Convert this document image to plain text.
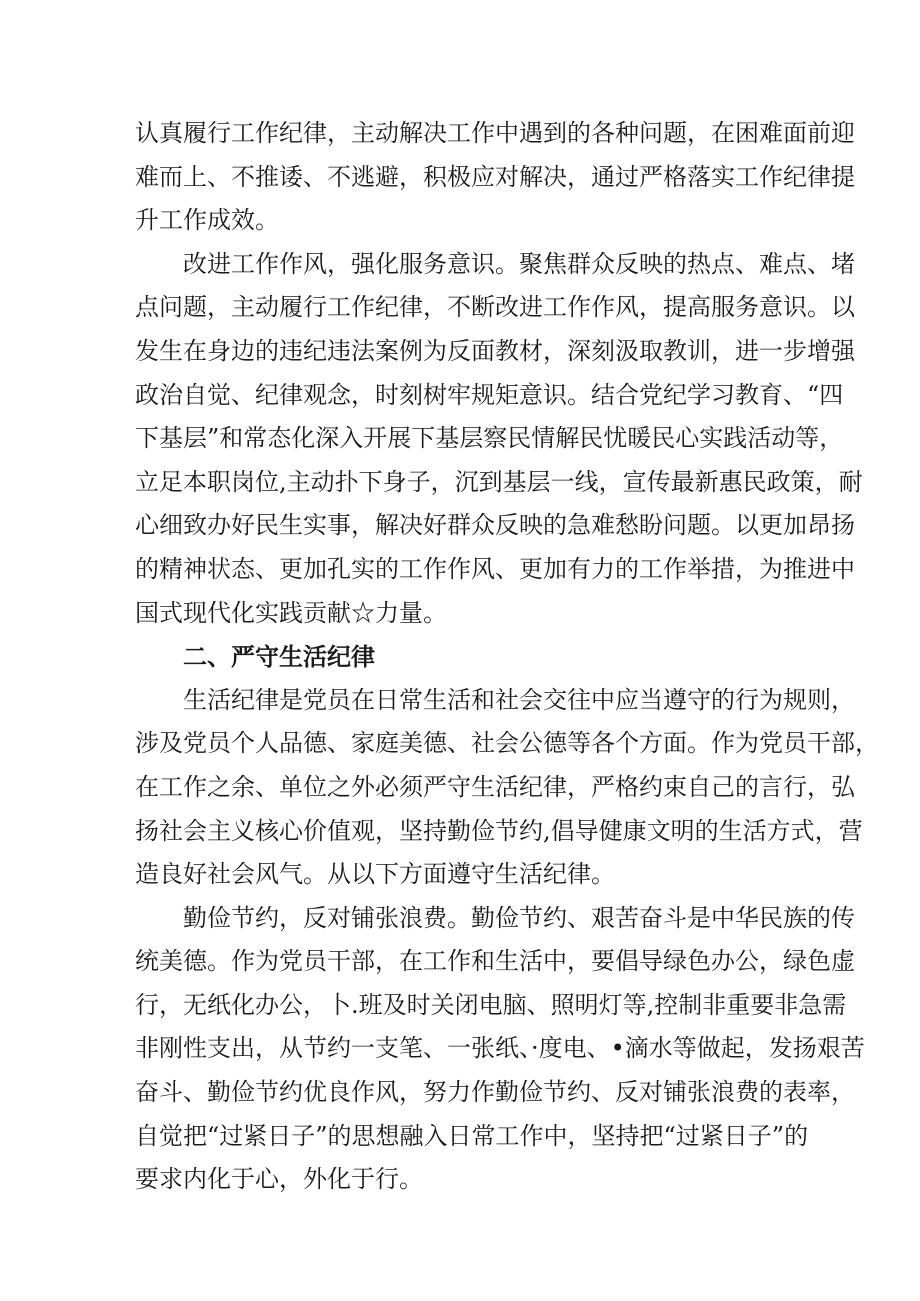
认真履行工作纪律，主动解决工作中遇到的各种问题，在困难面前迎
难而上、不推诿、不逃避，积极应对解决，通过严格落实工作纪律提
升工作成效。
改进工作作风，强化服务意识。聚焦群众反映的热点、难点、堵
点问题，主动履行工作纪律，不断改进工作作风，提高服务意识。以
发生在身边的违纪违法案例为反面教材，深刻汲取教训，进一步增强
政治自觉、纪律观念，时刻树牢规矩意识。结合党纪学习教育、“四
下基层”和常态化深入开展下基层察民情解民忧暖民心实践活动等，
立足本职岗位,主动扑下身子，沉到基层一线，宣传最新惠民政策，耐
心细致办好民生实事，解决好群众反映的急难愁盼问题。以更加昂扬
的精神状态、更加孔实的工作作风、更加有力的工作举措，为推进中
国式现代化实践贡献☆力量。
二、严守生活纪律
生活纪律是党员在日常生活和社会交往中应当遵守的行为规则，
涉及党员个人品德、家庭美德、社会公德等各个方面。作为党员干部，
在工作之余、单位之外必须严守生活纪律，严格约束自己的言行，弘
扬社会主义核心价值观，坚持勤俭节约,倡导健康文明的生活方式，营
造良好社会风气。从以下方面遵守生活纪律。
勤俭节约，反对铺张浪费。勤俭节约、艰苦奋斗是中华民族的传
统美德。作为党员干部，在工作和生活中，要倡导绿色办公，绿色虚
行，无纸化办公，卜.班及时关闭电脑、照明灯等,控制非重要非急需
非刚性支出，从节约一支笔、一张纸、·度电、•滴水等做起，发扬艰苦
奋斗、勤俭节约优良作风，努力作勤俭节约、反对铺张浪费的表率，
自觉把“过紧日子”的思想融入日常工作中，坚持把“过紧日子”的
要求内化于心，外化于行。
